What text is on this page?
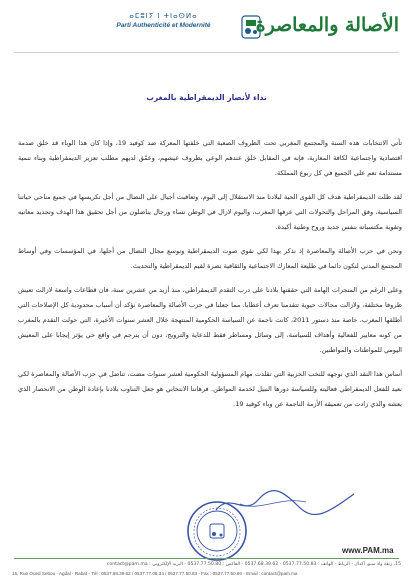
ⴰⵎⵓⵏⵢ ⵏ ⵜⵏⴰⵙⵍⴰ
Parti Authenticité et Modernité	الأصالة والمعاصرة
نداء لأنصار الديمقراطية بالمغرب

تأتي الانتخابات هذه السنة والمجتمع المغربي تحت الظروف الصعبة التي خلفتها المعركة ضد كوفيد 19، وإذا كان هذا الوباء قد خلق صدمة اقتصادية واجتماعية لكافة المغاربة، فإنه في المقابل خلق عندهم الوعي بظروف عيشهم، وعمّق لديهم مطلب تعزيز الديمقراطية وبناء تنمية مستدامة تعم على الجميع في كل ربوع المملكة.

لقد ظلت الديمقراطية هدف كل القوى الحية لبلادنا منذ الاستقلال إلى اليوم، وتعاقبت أجيال على النضال من أجل تكريسها في جميع مناحي حياتنا السياسية، وفق المراحل والتحولات التي عرفها المغرب، واليوم لازال في الوطن نساء ورجال يناضلون من أجل تحقيق هذا الهدف وتجديد معانيه وتقوية مكتسباته بنفس جديد وروح وطنية أكيدة.

ونحن في حزب الأصالة والمعاصرة إذ نذكر بهذا لكي نقوي صوت الديمقراطية ونوسع مجال النضال من أجلها، في المؤسسات وفي أوساط المجتمع المدني لنكون دائما في طليعة المعارك الاجتماعية والثقافية نصرة لقيم الديمقراطية والتحديث.

وعلى الرغم من المنجزات الهامة التي حققتها بلادنا على درب التقدم الديمقراطي، منذ أزيد من عشرين سنة، فان قطاعات واسعة لازالت تعيش ظروفا مختلفة، ولازالت مجالات حيوية تتقدمنا تعرف أعطابا. مما جعلنا في حزب الأصالة والمعاصرة نؤكد أن أسباب محدودية كل الإصلاحات التي أطلقها المغرب، خاصة منذ دستور 2011، كانت ناجمة عن السياسة الحكومية المنتهجة خلال العشر سنوات الأخيرة، التي حولت التقدم بالمغرب من كونه معايير للفعالية وأهداف للسياسة، إلى وسائل ومساطر فقط للدعاية والترويج، دون أن يترجم في واقع حي يؤثر إيجابا على المعيش اليومي للمواطنات والمواطنين.

أساس هذا النقد الذي نوجهه للنخب الحزبية التي تقلدت مهام المسؤولية الحكومية لعشر سنوات مضت، تناضل في حزب الأصالة والمعاصرة لكي نعيد للفعل الديمقراطي فعاليته وللسياسة دورها النبيل لخدمة المواطن. فرهاننا الانتخابي هو جعل التناوب بلادنا بإعادة الوطن من الانحصار الذي يعشه والذي زادت من تعميقه الأزمة الناجمة عن وباء كوفيد 19.

www.PAM.ma
15، زنقة واد سبو، أكدال - الرباط - الهاتف : 0537.77.50.83 - 0537.68.39.62 - الفاكس : 0537.77.50.80 - البريد الإلكتروني : contact@pam.ma
15, Rue Oued Sebou - Agdal - Rabat - Tél : 0537.68.39.62 / 0537.77.08.34 / 0537.77.50.83 - Fax : 0537.77.50.80 - Email : contact@pam.ma
